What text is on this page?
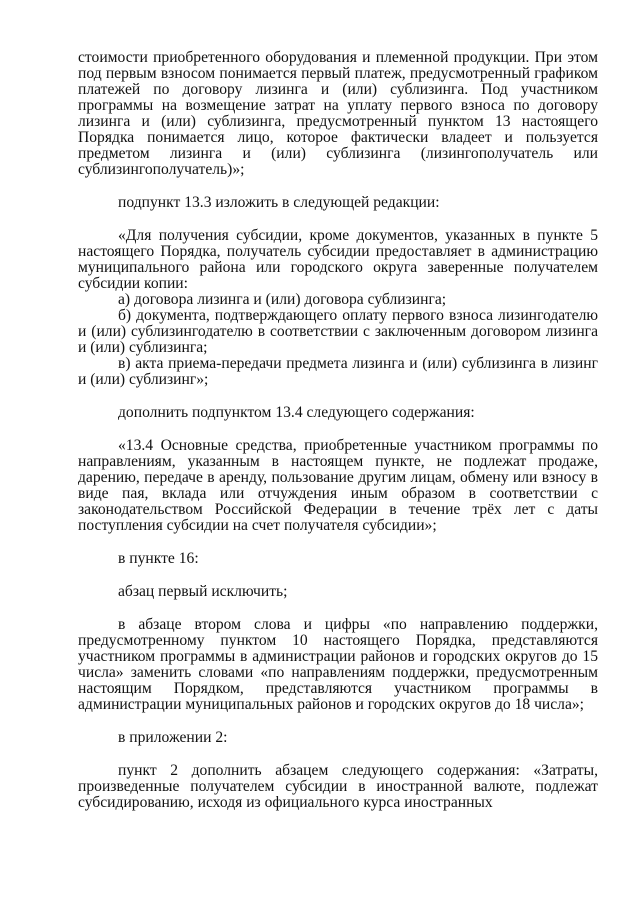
стоимости приобретенного оборудования и племенной продукции. При этом под первым взносом понимается первый платеж, предусмотренный графиком платежей по договору лизинга и (или) сублизинга. Под участником программы на возмещение затрат на уплату первого взноса по договору лизинга и (или) сублизинга, предусмотренный пунктом 13 настоящего Порядка понимается лицо, которое фактически владеет и пользуется предметом лизинга и (или) сублизинга (лизингополучатель или сублизингополучатель)»;

подпункт 13.3 изложить в следующей редакции:

«Для получения субсидии, кроме документов, указанных в пункте 5 настоящего Порядка, получатель субсидии предоставляет в администрацию муниципального района или городского округа заверенные получателем субсидии копии:

а) договора лизинга и (или) договора сублизинга;

б) документа, подтверждающего оплату первого взноса лизингодателю и (или) сублизингодателю в соответствии с заключенным договором лизинга и (или) сублизинга;

в) акта приема-передачи предмета лизинга и (или) сублизинга в лизинг и (или) сублизинг»;

дополнить подпунктом 13.4 следующего содержания:

«13.4 Основные средства, приобретенные участником программы по направлениям, указанным в настоящем пункте, не подлежат продаже, дарению, передаче в аренду, пользование другим лицам, обмену или взносу в виде пая, вклада или отчуждения иным образом в соответствии с законодательством Российской Федерации в течение трёх лет с даты поступления субсидии на счет получателя субсидии»;

в пункте 16:

абзац первый исключить;

в абзаце втором слова и цифры «по направлению поддержки, предусмотренному пунктом 10 настоящего Порядка, представляются участником программы в администрации районов и городских округов до 15 числа» заменить словами «по направлениям поддержки, предусмотренным настоящим Порядком, представляются участником программы в администрации муниципальных районов и городских округов до 18 числа»;

в приложении 2:

пункт 2 дополнить абзацем следующего содержания: «Затраты, произведенные получателем субсидии в иностранной валюте, подлежат субсидированию, исходя из официального курса иностранных
